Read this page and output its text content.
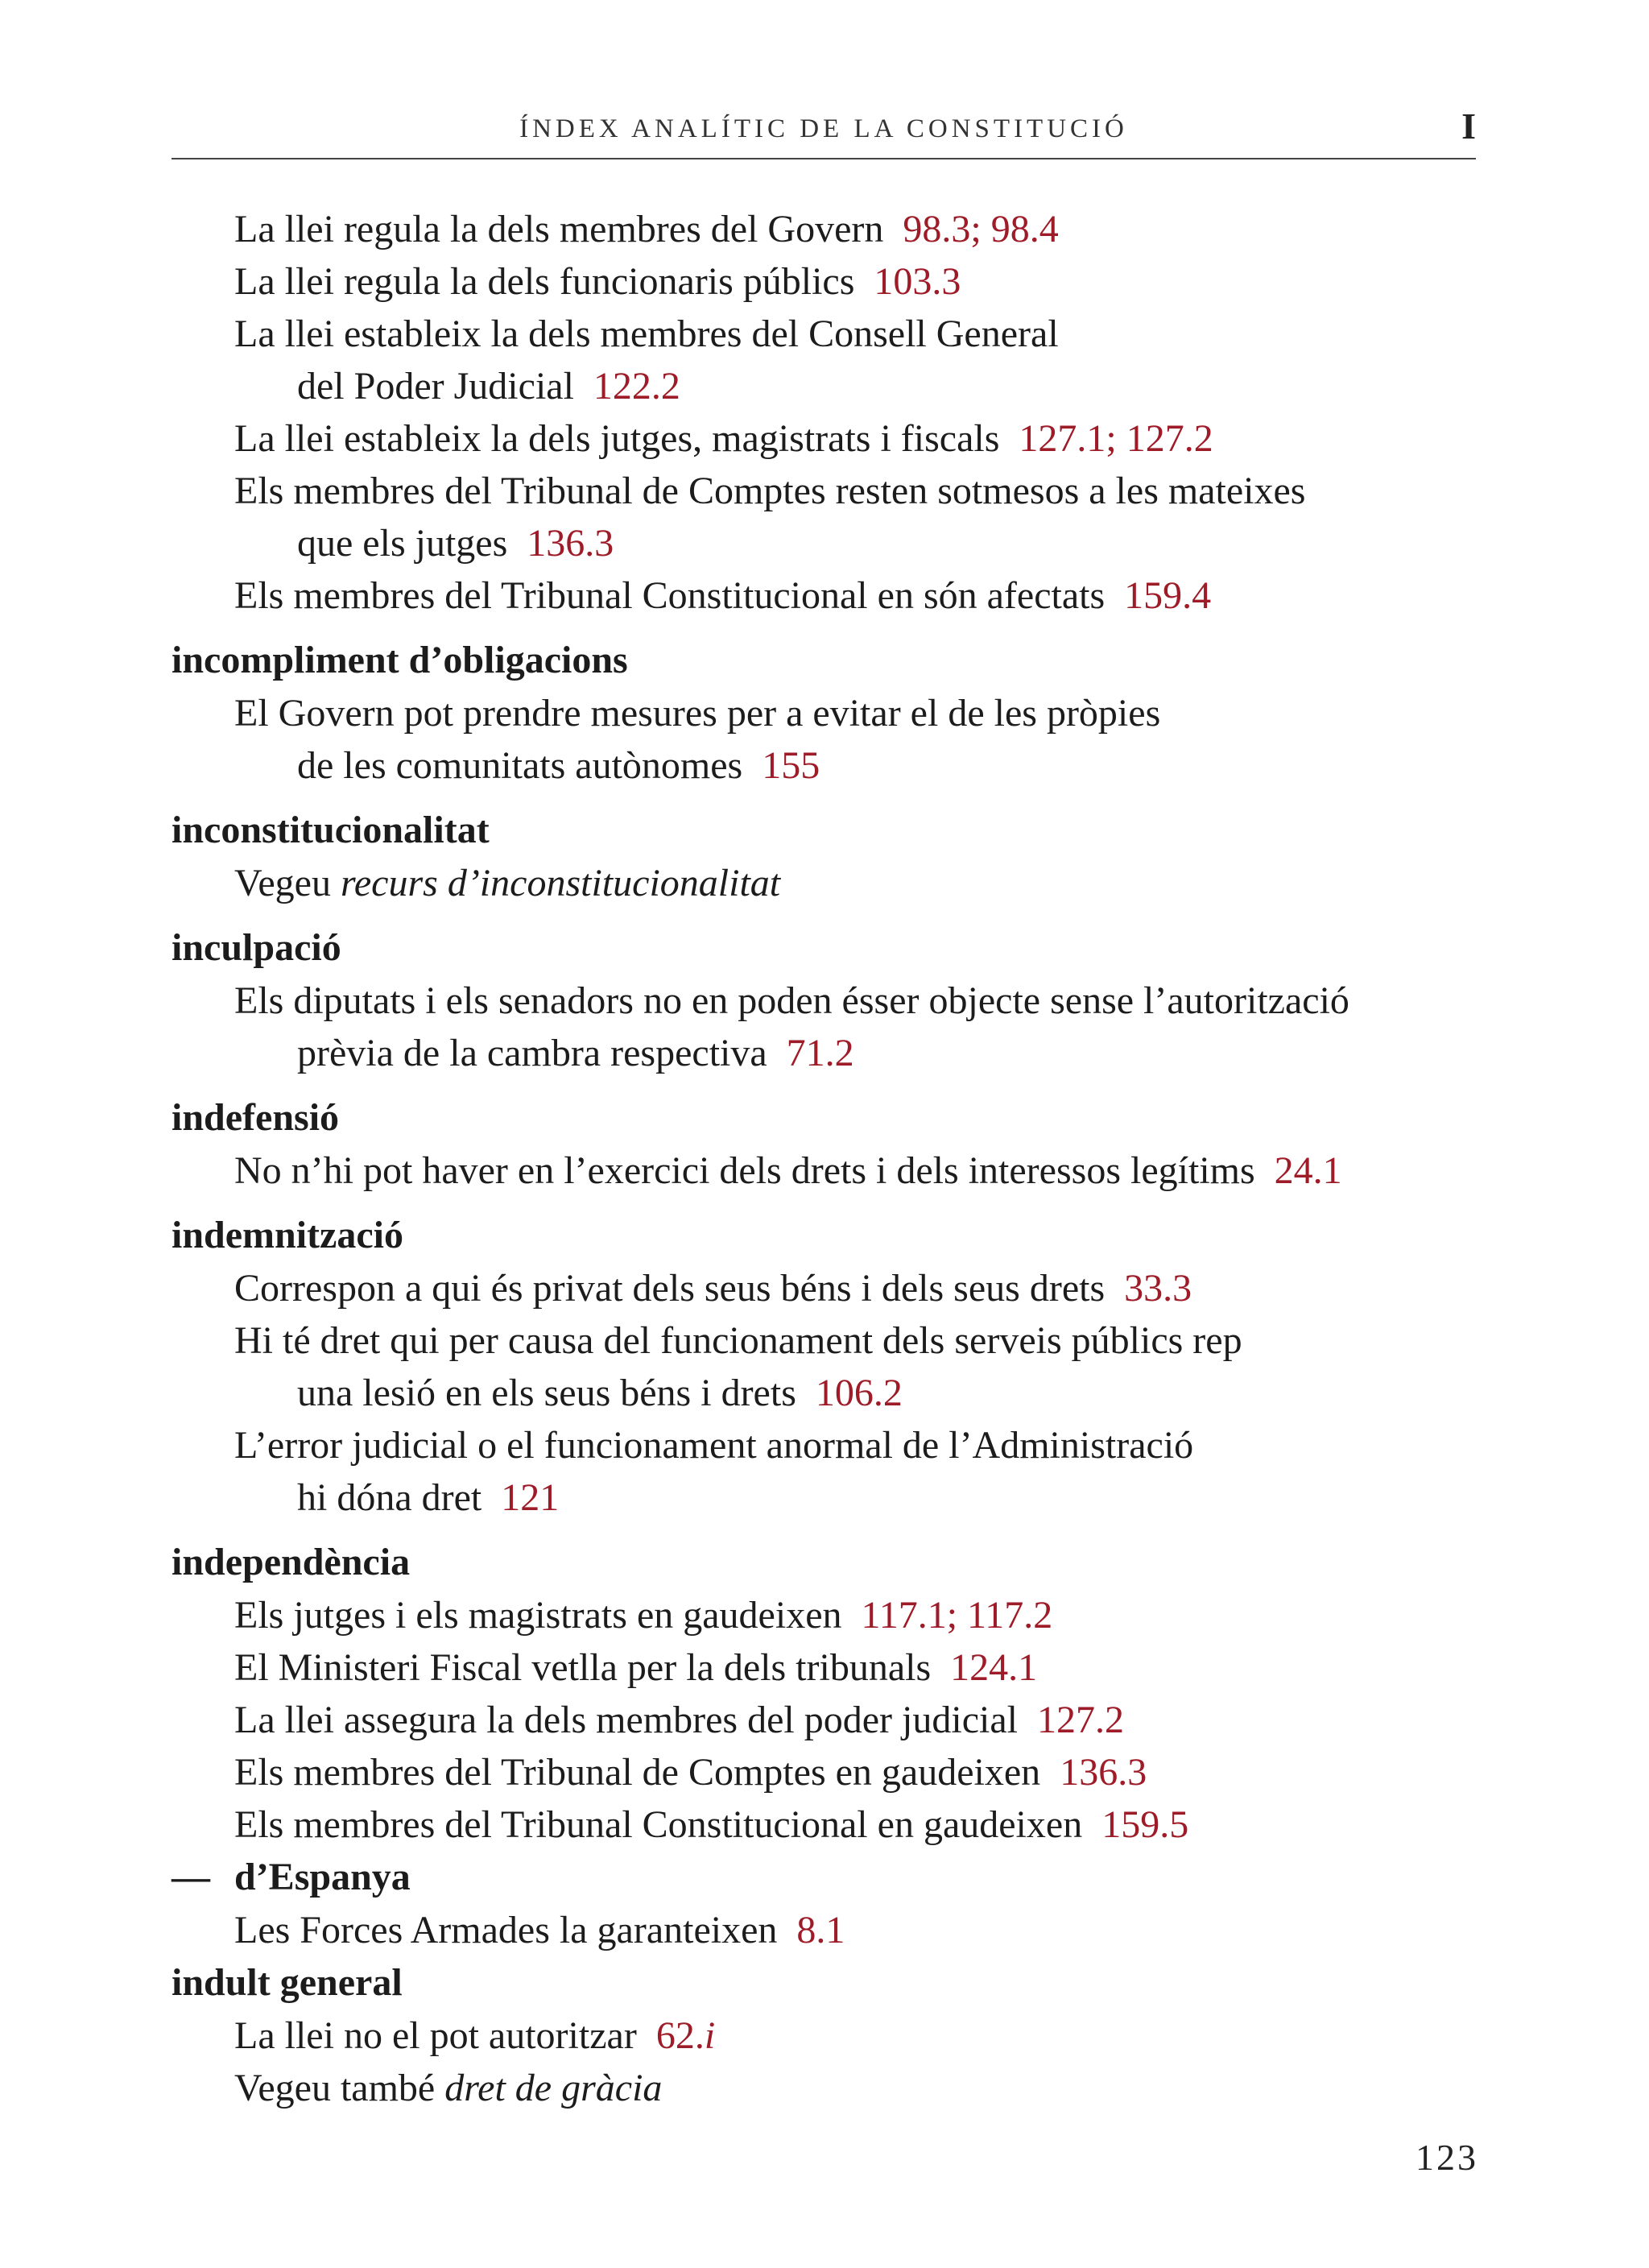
ÍNDEX ANALÍTIC DE LA CONSTITUCIÓ	I
La llei regula la dels membres del Govern 98.3; 98.4
La llei regula la dels funcionaris públics 103.3
La llei estableix la dels membres del Consell General
del Poder Judicial 122.2
La llei estableix la dels jutges, magistrats i fiscals 127.1; 127.2
Els membres del Tribunal de Comptes resten sotmesos a les mateixes
que els jutges 136.3
Els membres del Tribunal Constitucional en són afectats 159.4
incompliment d’obligacions
El Govern pot prendre mesures per a evitar el de les pròpies
de les comunitats autònomes 155
inconstitucionalitat
Vegeu recurs d’inconstitucionalitat
inculpació
Els diputats i els senadors no en poden ésser objecte sense l’autorització
prèvia de la cambra respectiva 71.2
indefensió
No n’hi pot haver en l’exercici dels drets i dels interessos legítims 24.1
indemnització
Correspon a qui és privat dels seus béns i dels seus drets 33.3
Hi té dret qui per causa del funcionament dels serveis públics rep
una lesió en els seus béns i drets 106.2
L’error judicial o el funcionament anormal de l’Administració
hi dóna dret 121
independència
Els jutges i els magistrats en gaudeixen 117.1; 117.2
El Ministeri Fiscal vetlla per la dels tribunals 124.1
La llei assegura la dels membres del poder judicial 127.2
Els membres del Tribunal de Comptes en gaudeixen 136.3
Els membres del Tribunal Constitucional en gaudeixen 159.5
— d’Espanya
Les Forces Armades la garanteixen 8.1
indult general
La llei no el pot autoritzar 62.i
Vegeu també dret de gràcia
123
